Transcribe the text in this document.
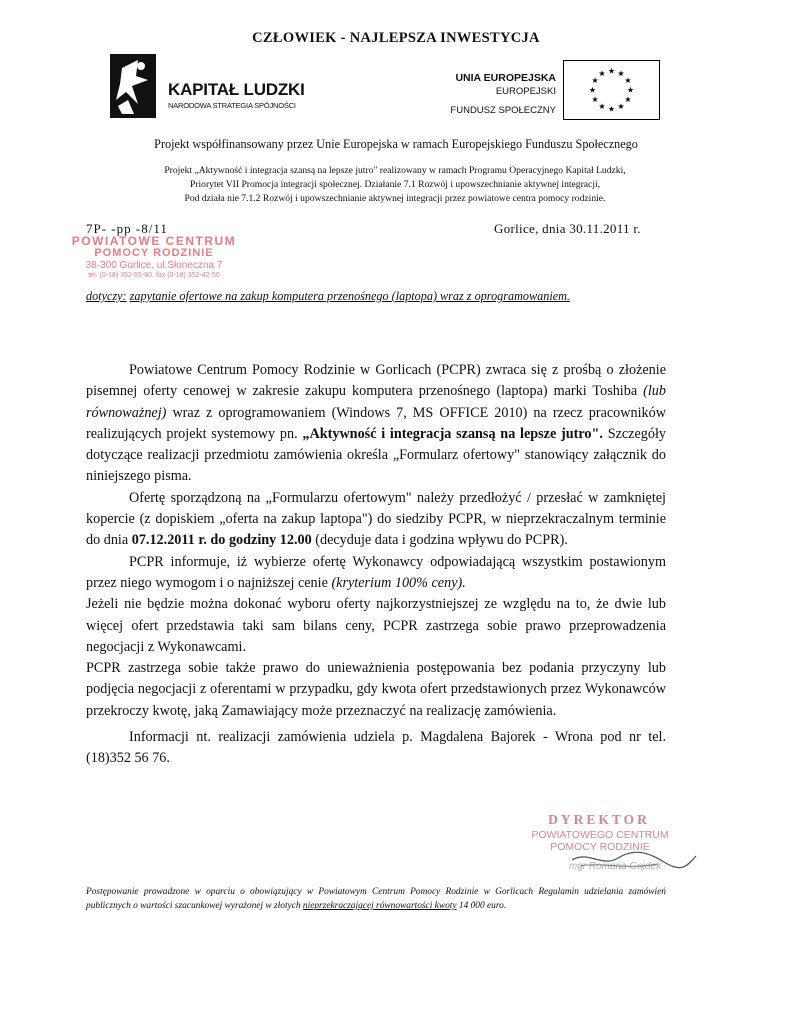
CZŁOWIEK - NAJLEPSZA INWESTYCJA
KAPITAŁ LUDZKI
NARODOWA STRATEGIA SPÓJNOŚCI
UNIA EUROPEJSKA
EUROPEJSKI
FUNDUSZ SPOŁECZNY
Projekt współfinansowany przez Unie Europejska w ramach Europejskiego Funduszu Społecznego
Projekt „Aktywność i integracja szansą na lepsze jutro" realizowany w ramach Programu Operacyjnego Kapitał Ludzki,
Priorytet VII Promocja integracji społecznej. Działanie 7.1 Rozwój i upowszechnianie aktywnej integracji,
Pod działa nie 7.1.2 Rozwój i upowszechnianie aktywnej integracji przez powiatowe centra pomocy rodzinie.
7P- -pp -8/11	Gorlice, dnia 30.11.2011 r.
POWIATOWE CENTRUM
POMOCY RODZINIE
38-300 Gorlice, ul.Słoneczna 7
tel. (0-18) 352-55-60, fax (0-18) 352-42-50
dotyczy: zapytanie ofertowe na zakup komputera przenośnego (laptopa) wraz z oprogramowaniem.

Powiatowe Centrum Pomocy Rodzinie w Gorlicach (PCPR) zwraca się z prośbą o złożenie pisemnej oferty cenowej w zakresie zakupu komputera przenośnego (laptopa) marki Toshiba (lub równoważnej) wraz z oprogramowaniem (Windows 7, MS OFFICE 2010) na rzecz pracowników realizujących projekt systemowy pn. „Aktywność i integracja szansą na lepsze jutro". Szczegóły dotyczące realizacji przedmiotu zamówienia określa „Formularz ofertowy" stanowiący załącznik do niniejszego pisma.

Ofertę sporządzoną na „Formularzu ofertowym" należy przedłożyć / przesłać w zamkniętej kopercie (z dopiskiem „oferta na zakup laptopa") do siedziby PCPR, w nieprzekraczalnym terminie do dnia 07.12.2011 r. do godziny 12.00 (decyduje data i godzina wpływu do PCPR).

PCPR informuje, iż wybierze ofertę Wykonawcy odpowiadającą wszystkim postawionym przez niego wymogom i o najniższej cenie (kryterium 100% ceny).

Jeżeli nie będzie można dokonać wyboru oferty najkorzystniejszej ze względu na to, że dwie lub więcej ofert przedstawia taki sam bilans ceny, PCPR zastrzega sobie prawo przeprowadzenia negocjacji z Wykonawcami.

PCPR zastrzega sobie także prawo do unieważnienia postępowania bez podania przyczyny lub podjęcia negocjacji z oferentami w przypadku, gdy kwota ofert przedstawionych przez Wykonawców przekroczy kwotę, jaką Zamawiający może przeznaczyć na realizację zamówienia.

Informacji nt. realizacji zamówienia udziela p. Magdalena Bajorek - Wrona pod nr tel. (18)352 56 76.

DYREKTOR
POWIATOWEGO CENTRUM
POMOCY RODZINIE
mgr Romana Gojdek
Postępowanie prowadzone w oparciu o obowiązujący w Powiatowym Centrum Pomocy Rodzinie w Gorlicach Regulamin udzielania zamówień publicznych o wartości szacunkowej wyrażonej w złotych nieprzekraczającej równowartości kwoty 14 000 euro.
